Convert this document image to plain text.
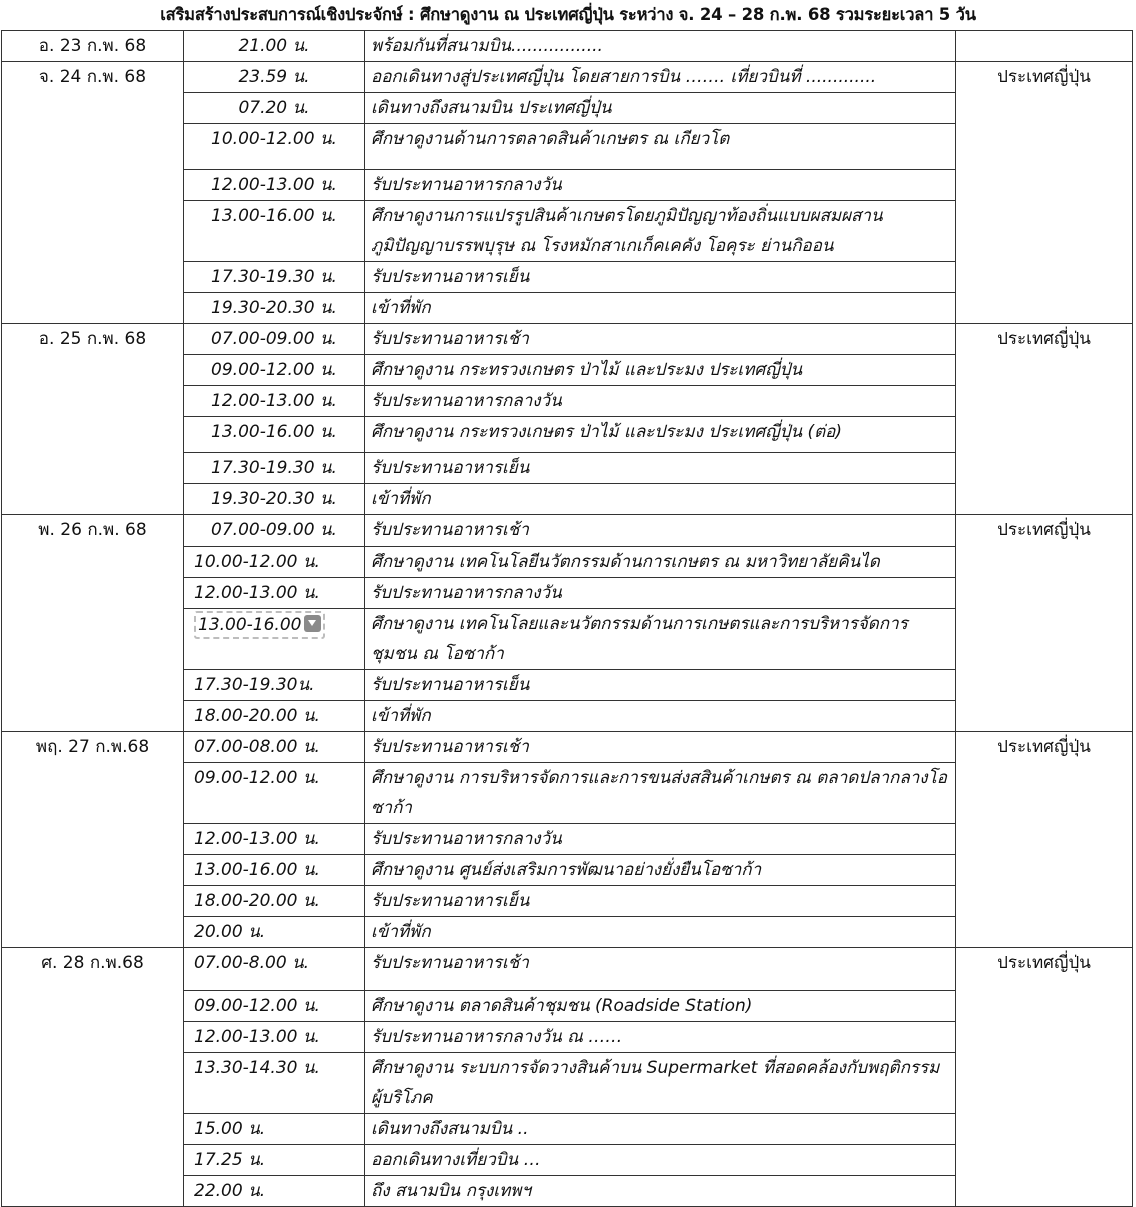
เสริมสร้างประสบการณ์เชิงประจักษ์ : ศึกษาดูงาน ณ ประเทศญี่ปุ่น ระหว่าง จ. 24 – 28 ก.พ. 68 รวมระยะเวลา 5 วัน
อ. 23 ก.พ. 68	21.00 น.	พร้อมกันที่สนามบิน.................	
จ. 24 ก.พ. 68	23.59 น.	ออกเดินทางสู่ประเทศญี่ปุ่น โดยสายการบิน ……. เที่ยวบินที่ .............	ประเทศญี่ปุ่น
	07.20 น.	เดินทางถึงสนามบิน ประเทศญี่ปุ่น	
	10.00-12.00 น.	ศึกษาดูงานด้านการตลาดสินค้าเกษตร ณ เกียวโต	
	12.00-13.00 น.	รับประทานอาหารกลางวัน	
	13.00-16.00 น.	ศึกษาดูงานการแปรรูปสินค้าเกษตรโดยภูมิปัญญาท้องถิ่นแบบผสมผสานภูมิปัญญาบรรพบุรุษ ณ โรงหมักสาเกเก็คเคคัง โอคุระ ย่านกิออน	
	17.30-19.30 น.	รับประทานอาหารเย็น	
	19.30-20.30 น.	เข้าที่พัก	
อ. 25 ก.พ. 68	07.00-09.00 น.	รับประทานอาหารเช้า	ประเทศญี่ปุ่น
	09.00-12.00 น.	ศึกษาดูงาน กระทรวงเกษตร ป่าไม้ และประมง ประเทศญี่ปุ่น	
	12.00-13.00 น.	รับประทานอาหารกลางวัน	
	13.00-16.00 น.	ศึกษาดูงาน กระทรวงเกษตร ป่าไม้ และประมง ประเทศญี่ปุ่น (ต่อ)	
	17.30-19.30 น.	รับประทานอาหารเย็น	
	19.30-20.30 น.	เข้าที่พัก	
พ. 26 ก.พ. 68	07.00-09.00 น.	รับประทานอาหารเช้า	ประเทศญี่ปุ่น
	10.00-12.00 น.	ศึกษาดูงาน เทคโนโลยีนวัตกรรมด้านการเกษตร ณ มหาวิทยาลัยคินได	
	12.00-13.00 น.	รับประทานอาหารกลางวัน	
	13.00-16.00	ศึกษาดูงาน เทคโนโลยและนวัตกรรมด้านการเกษตรและการบริหารจัดการชุมชน ณ โอซาก้า	
	17.30-19.30น.	รับประทานอาหารเย็น	
	18.00-20.00 น.	เข้าที่พัก	
พฤ. 27 ก.พ.68	07.00-08.00 น.	รับประทานอาหารเช้า	ประเทศญี่ปุ่น
	09.00-12.00 น.	ศึกษาดูงาน การบริหารจัดการและการขนส่งสสินค้าเกษตร ณ ตลาดปลากลางโอซาก้า	
	12.00-13.00 น.	รับประทานอาหารกลางวัน	
	13.00-16.00 น.	ศึกษาดูงาน ศูนย์ส่งเสริมการพัฒนาอย่างยั่งยืนโอซาก้า	
	18.00-20.00 น.	รับประทานอาหารเย็น	
	20.00 น.	เข้าที่พัก	
ศ. 28 ก.พ.68	07.00-8.00 น.	รับประทานอาหารเช้า	ประเทศญี่ปุ่น
	09.00-12.00 น.	ศึกษาดูงาน ตลาดสินค้าชุมชน (Roadside Station)	
	12.00-13.00 น.	รับประทานอาหารกลางวัน ณ ……	
	13.30-14.30 น.	ศึกษาดูงาน ระบบการจัดวางสินค้าบน Supermarket ที่สอดคล้องกับพฤติกรรมผู้บริโภค	
	15.00 น.	เดินทางถึงสนามบิน ..	
	17.25 น.	ออกเดินทางเที่ยวบิน …	
	22.00 น.	ถึง สนามบิน กรุงเทพฯ	
